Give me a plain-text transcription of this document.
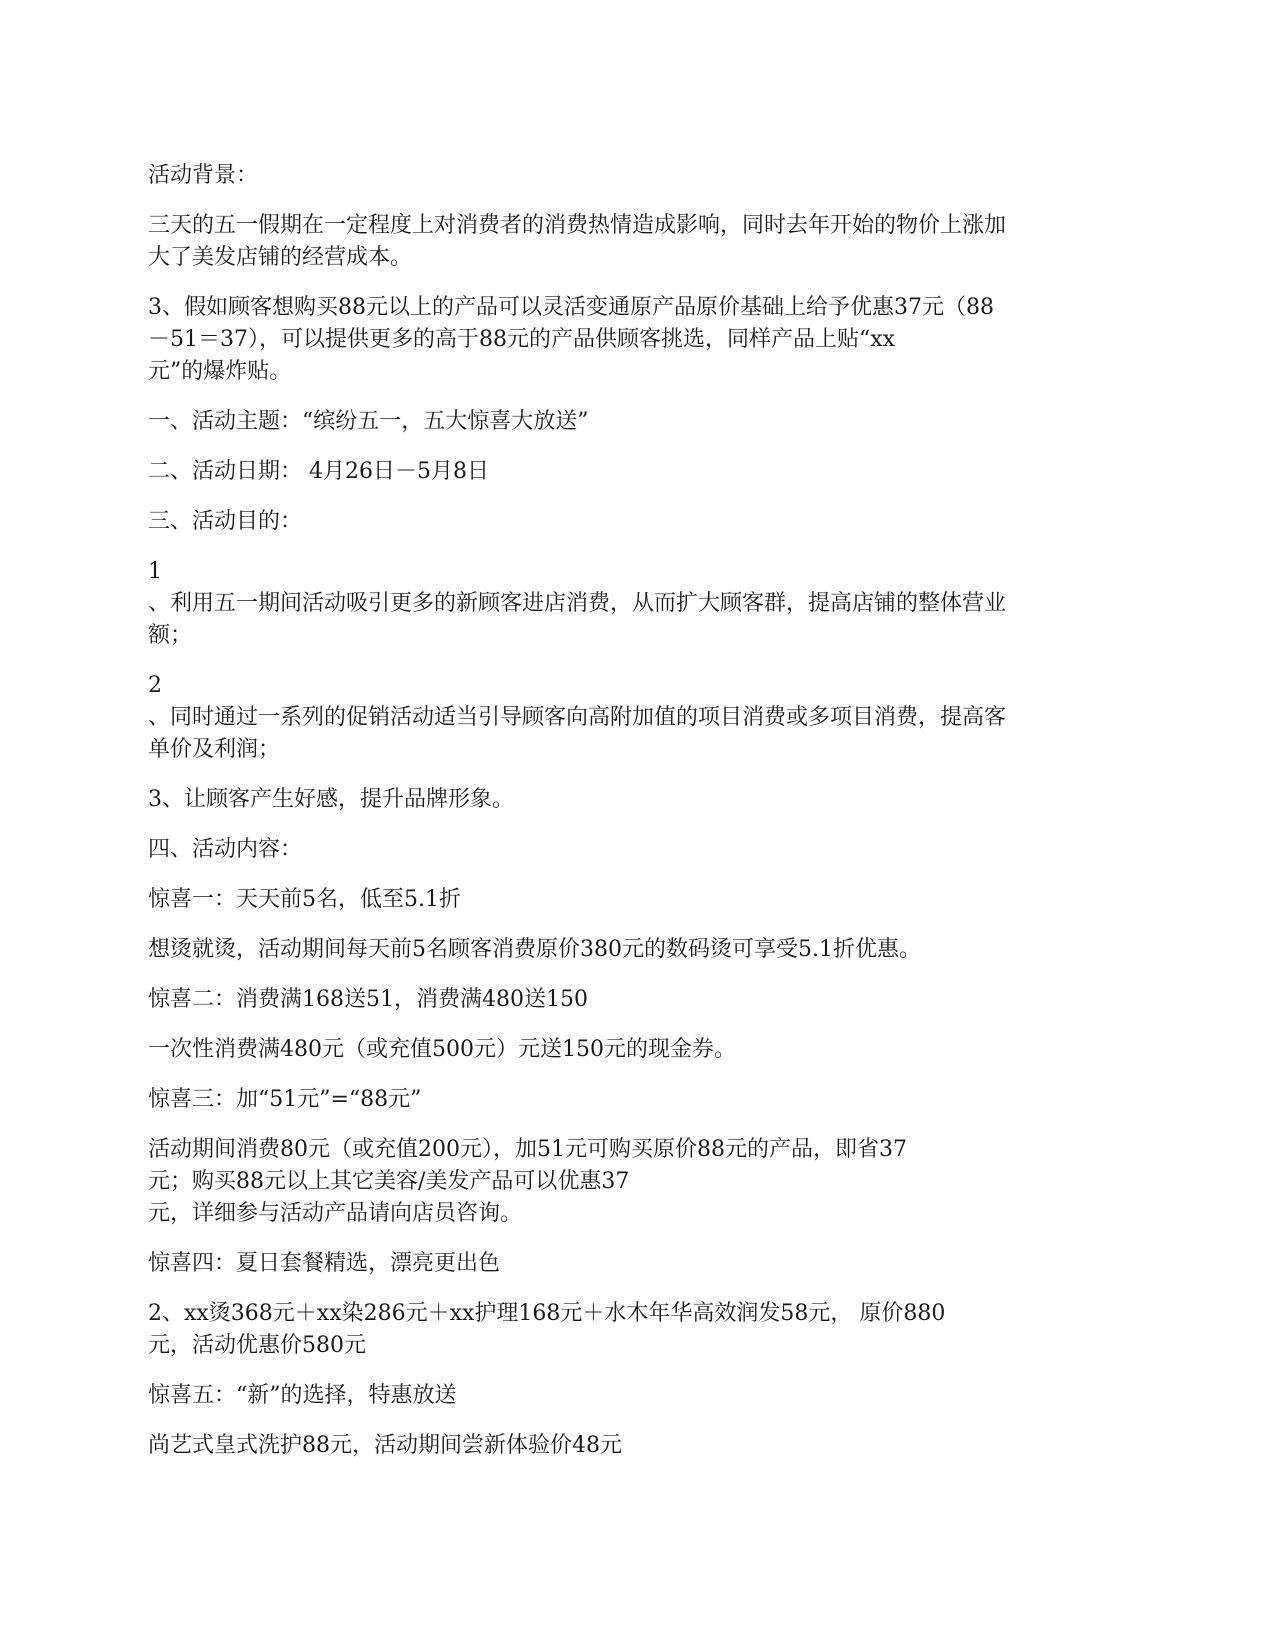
活动背景：

三天的五一假期在一定程度上对消费者的消费热情造成影响，同时去年开始的物价上涨加
大了美发店铺的经营成本。

3、假如顾客想购买88元以上的产品可以灵活变通原产品原价基础上给予优惠37元（88
－51＝37），可以提供更多的高于88元的产品供顾客挑选，同样产品上贴“xx
元”的爆炸贴。

一、活动主题：“缤纷五一，五大惊喜大放送”

二、活动日期： 4月26日－5月8日

三、活动目的：

1
、利用五一期间活动吸引更多的新顾客进店消费，从而扩大顾客群，提高店铺的整体营业
额；

2
、同时通过一系列的促销活动适当引导顾客向高附加值的项目消费或多项目消费，提高客
单价及利润；

3、让顾客产生好感，提升品牌形象。

四、活动内容：

惊喜一：天天前5名，低至5.1折

想烫就烫，活动期间每天前5名顾客消费原价380元的数码烫可享受5.1折优惠。

惊喜二：消费满168送51，消费满480送150

一次性消费满480元（或充值500元）元送150元的现金券。

惊喜三：加“51元”=“88元”

活动期间消费80元（或充值200元），加51元可购买原价88元的产品，即省37
元；购买88元以上其它美容/美发产品可以优惠37
元，详细参与活动产品请向店员咨询。

惊喜四：夏日套餐精选，漂亮更出色

2、xx烫368元＋xx染286元＋xx护理168元＋水木年华高效润发58元， 原价880
元，活动优惠价580元

惊喜五：“新”的选择，特惠放送

尚艺式皇式洗护88元，活动期间尝新体验价48元
